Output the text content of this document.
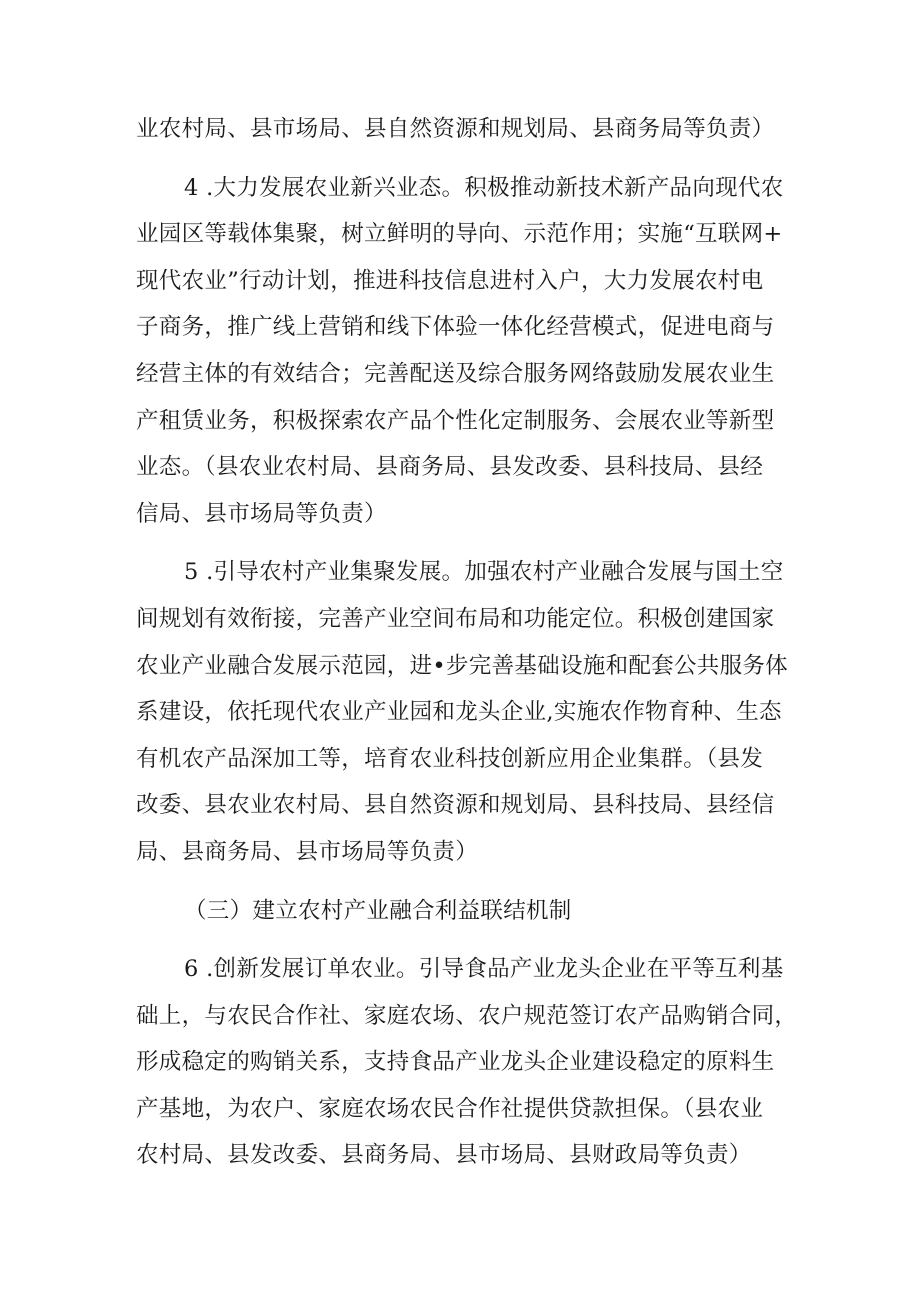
业农村局、县市场局、县自然资源和规划局、县商务局等负责）

4 .大力发展农业新兴业态。积极推动新技术新产品向现代农
业园区等载体集聚，树立鲜明的导向、示范作用；实施“互联网+
现代农业”行动计划，推进科技信息进村入户，大力发展农村电
子商务，推广线上营销和线下体验一体化经营模式，促进电商与
经营主体的有效结合；完善配送及综合服务网络鼓励发展农业生
产租赁业务，积极探索农产品个性化定制服务、会展农业等新型
业态。（县农业农村局、县商务局、县发改委、县科技局、县经
信局、县市场局等负责）

5 .引导农村产业集聚发展。加强农村产业融合发展与国土空
间规划有效衔接，完善产业空间布局和功能定位。积极创建国家
农业产业融合发展示范园，进•步完善基础设施和配套公共服务体
系建设，依托现代农业产业园和龙头企业,实施农作物育种、生态
有机农产品深加工等，培育农业科技创新应用企业集群。（县发
改委、县农业农村局、县自然资源和规划局、县科技局、县经信
局、县商务局、县市场局等负责）

（三）建立农村产业融合利益联结机制

6 .创新发展订单农业。引导食品产业龙头企业在平等互利基
础上，与农民合作社、家庭农场、农户规范签订农产品购销合同，
形成稳定的购销关系，支持食品产业龙头企业建设稳定的原料生
产基地，为农户、家庭农场农民合作社提供贷款担保。（县农业
农村局、县发改委、县商务局、县市场局、县财政局等负责）
